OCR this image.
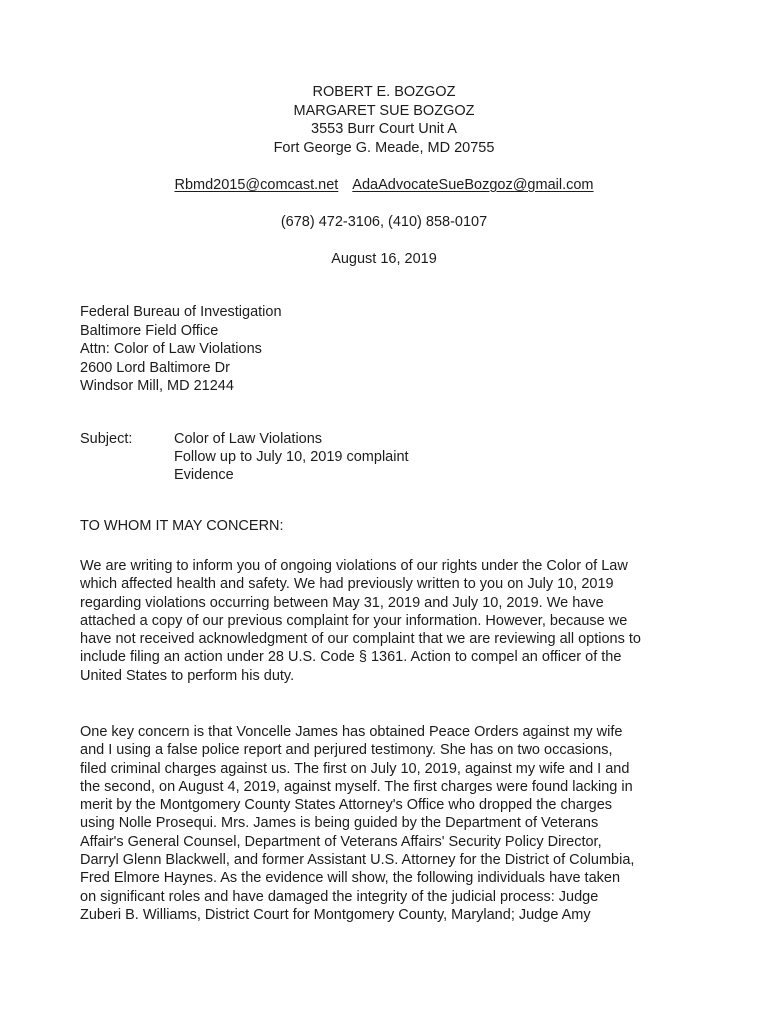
ROBERT E. BOZGOZ
MARGARET SUE BOZGOZ
3553 Burr Court Unit A
Fort George G. Meade, MD 20755
Rbmd2015@comcast.net AdaAdvocateSueBozgoz@gmail.com
(678) 472-3106, (410) 858-0107
August 16, 2019
Federal Bureau of Investigation
Baltimore Field Office
Attn: Color of Law Violations
2600 Lord Baltimore Dr
Windsor Mill, MD 21244
Subject:	Color of Law Violations
Follow up to July 10, 2019 complaint
Evidence
TO WHOM IT MAY CONCERN:
We are writing to inform you of ongoing violations of our rights under the Color of Law
which affected health and safety. We had previously written to you on July 10, 2019
regarding violations occurring between May 31, 2019 and July 10, 2019. We have
attached a copy of our previous complaint for your information. However, because we
have not received acknowledgment of our complaint that we are reviewing all options to
include filing an action under 28 U.S. Code § 1361. Action to compel an officer of the
United States to perform his duty.
One key concern is that Voncelle James has obtained Peace Orders against my wife
and I using a false police report and perjured testimony. She has on two occasions,
filed criminal charges against us. The first on July 10, 2019, against my wife and I and
the second, on August 4, 2019, against myself. The first charges were found lacking in
merit by the Montgomery County States Attorney's Office who dropped the charges
using Nolle Prosequi. Mrs. James is being guided by the Department of Veterans
Affair's General Counsel, Department of Veterans Affairs' Security Policy Director,
Darryl Glenn Blackwell, and former Assistant U.S. Attorney for the District of Columbia,
Fred Elmore Haynes. As the evidence will show, the following individuals have taken
on significant roles and have damaged the integrity of the judicial process: Judge
Zuberi B. Williams, District Court for Montgomery County, Maryland; Judge Amy
